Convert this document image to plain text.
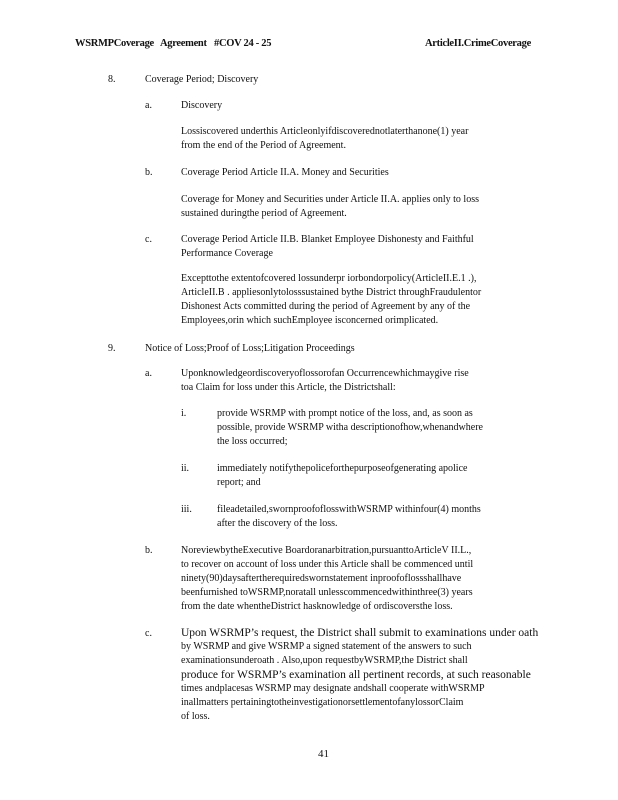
WSRMPCoverage Agreement #COV 24 - 25	ArticleII.CrimeCoverage
8.	Coverage Period; Discovery
a.	Discovery
Lossiscovered underthis Articleonlyifdiscoverednotlaterthanone(1) year
from the end of the Period of Agreement.
b.	Coverage Period Article II.A. Money and Securities
Coverage for Money and Securities under Article II.A. applies only to loss
sustained duringthe period of Agreement.
c.	Coverage Period Article II.B. Blanket Employee Dishonesty and Faithful
Performance Coverage
Excepttothe extentofcovered lossunderpr iorbondorpolicy(ArticleII.E.1 .),
ArticleII.B . appliesonlytolosssustained bythe District throughFraudulentor
Dishonest Acts committed during the period of Agreement by any of the
Employees,orin which suchEmployee isconcerned orimplicated.
9.	Notice of Loss;Proof of Loss;Litigation Proceedings
a.	Uponknowledgeordiscoveryoflossorofan Occurrencewhichmaygive rise
toa Claim for loss under this Article, the Districtshall:
i.	provide WSRMP with prompt notice of the loss, and, as soon as
possible, provide WSRMP witha descriptionofhow,whenandwhere
the loss occurred;
ii.	immediately notifythepoliceforthepurposeofgenerating apolice
report; and
iii.	fileadetailed,swornproofoflosswithWSRMP withinfour(4) months
after the discovery of the loss.
b.	NoreviewbytheExecutive Boardoranarbitration,pursuanttoArticleV II.L.,
to recover on account of loss under this Article shall be commenced until
ninety(90)daysaftertherequiredswornstatement inproofoflossshallhave
beenfurnished toWSRMP,noratall unlesscommencedwithinthree(3) years
from the date whentheDistrict hasknowledge of ordiscoversthe loss.
c.	Upon WSRMP’s request, the District shall submit to examinations under oath
by WSRMP and give WSRMP a signed statement of the answers to such
examinationsunderoath . Also,upon requestbyWSRMP,the District shall
produce for WSRMP’s examination all pertinent records, at such reasonable
times andplacesas WSRMP may designate andshall cooperate withWSRMP
inallmatters pertainingtotheinvestigationorsettlementofanylossorClaim
of loss.
41
